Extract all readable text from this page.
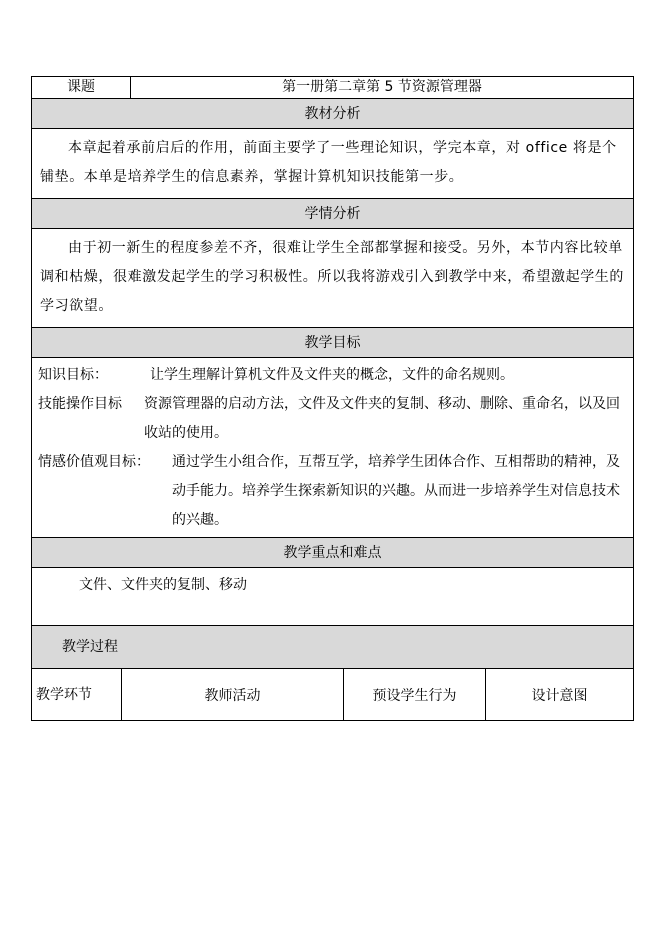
课题	第一册第二章第 5 节资源管理器
教材分析
本章起着承前启后的作用，前面主要学了一些理论知识，学完本章，对 office 将是个铺垫。本单是培养学生的信息素养，掌握计算机知识技能第一步。
学情分析
由于初一新生的程度参差不齐，很难让学生全部都掌握和接受。另外，本节内容比较单调和枯燥，很难激发起学生的学习积极性。所以我将游戏引入到教学中来，希望激起学生的学习欲望。
教学目标
知识目标：	让学生理解计算机文件及文件夹的概念，文件的命名规则。
技能操作目标	资源管理器的启动方法，文件及文件夹的复制、移动、删除、重命名，以及回收站的使用。
情感价值观目标：	通过学生小组合作，互帮互学，培养学生团体合作、互相帮助的精神，及动手能力。培养学生探索新知识的兴趣。从而进一步培养学生对信息技术的兴趣。
教学重点和难点
文件、文件夹的复制、移动
教学过程
教学环节	教师活动	预设学生行为	设计意图
